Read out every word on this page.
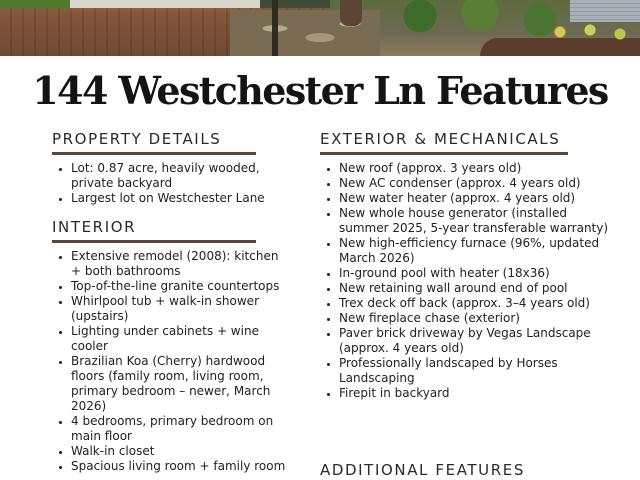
144 Westchester Ln Features
PROPERTY DETAILS
• Lot: 0.87 acre, heavily wooded, private backyard
• Largest lot on Westchester Lane
INTERIOR
• Extensive remodel (2008): kitchen + both bathrooms
• Top-of-the-line granite countertops
• Whirlpool tub + walk-in shower (upstairs)
• Lighting under cabinets + wine cooler
• Brazilian Koa (Cherry) hardwood floors (family room, living room, primary bedroom – newer, March 2026)
• 4 bedrooms, primary bedroom on main floor
• Walk-in closet
• Spacious living room + family room
EXTERIOR & MECHANICALS
• New roof (approx. 3 years old)
• New AC condenser (approx. 4 years old)
• New water heater (approx. 4 years old)
• New whole house generator (installed summer 2025, 5-year transferable warranty)
• New high-efficiency furnace (96%, updated March 2026)
• In-ground pool with heater (18x36)
• New retaining wall around end of pool
• Trex deck off back (approx. 3–4 years old)
• New fireplace chase (exterior)
• Paver brick driveway by Vegas Landscape (approx. 4 years old)
• Professionally landscaped by Horses Landscaping
• Firepit in backyard
ADDITIONAL FEATURES
